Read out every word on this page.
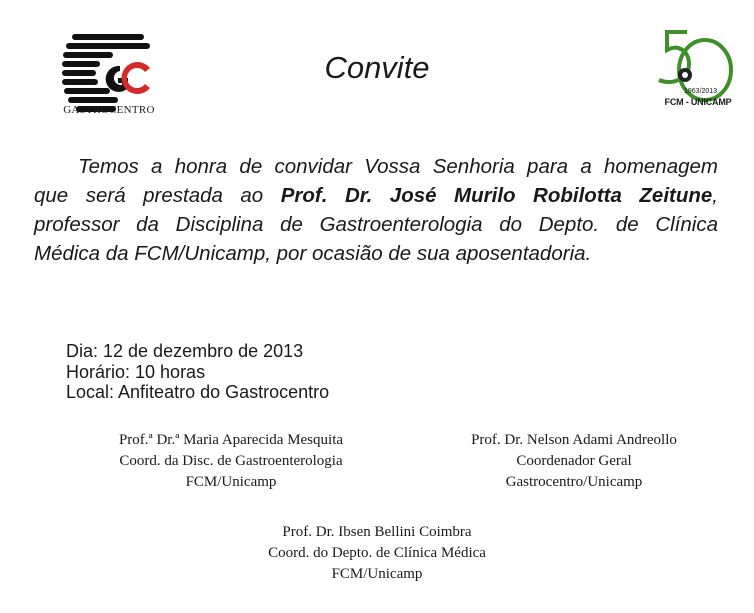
GASTROCENTRO
1963/2013
FCM - UNICAMP
Convite
Temos a honra de convidar Vossa Senhoria para a homenagem
que será prestada ao Prof. Dr. José Murilo Robilotta Zeitune,
professor da Disciplina de Gastroenterologia do Depto. de Clínica
Médica da FCM/Unicamp, por ocasião de sua aposentadoria.
Dia: 12 de dezembro de 2013
Horário: 10 horas
Local: Anfiteatro do Gastrocentro
Prof.ª Dr.ª Maria Aparecida Mesquita
Coord. da Disc. de Gastroenterologia
FCM/Unicamp
Prof. Dr. Nelson Adami Andreollo
Coordenador Geral
Gastrocentro/Unicamp
Prof. Dr. Ibsen Bellini Coimbra
Coord. do Depto. de Clínica Médica
FCM/Unicamp
